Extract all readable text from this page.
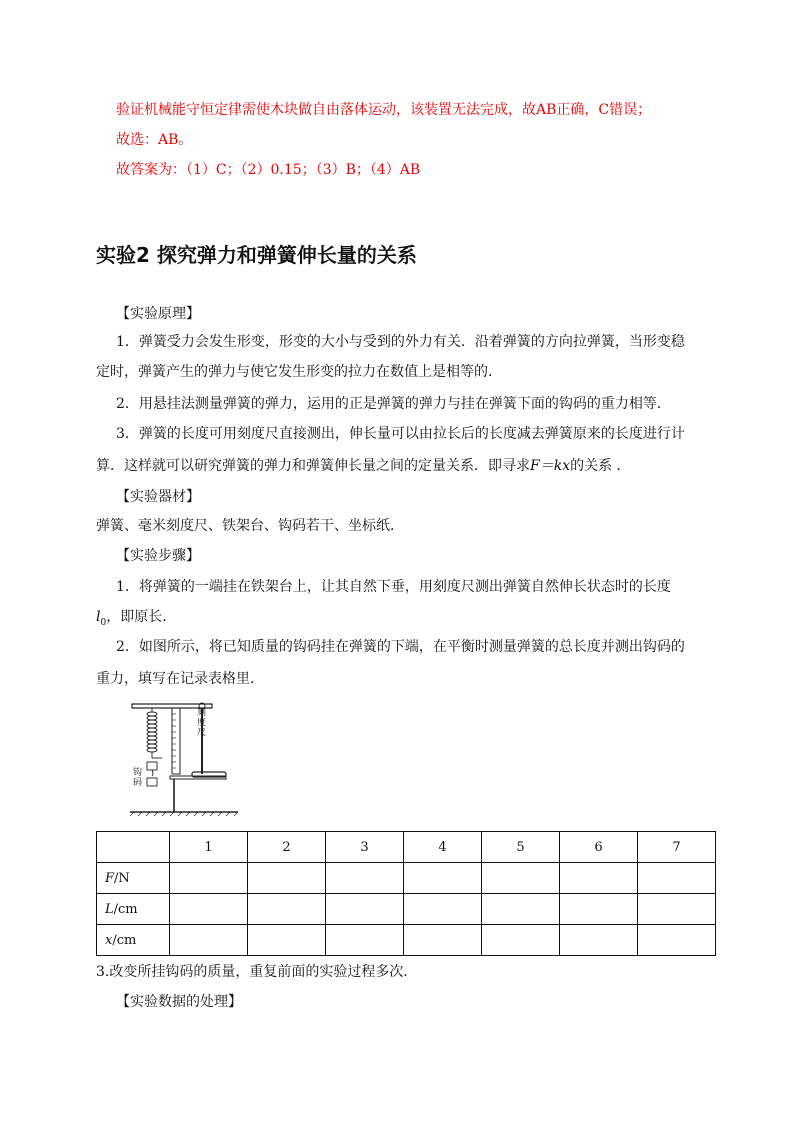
验证机械能守恒定律需使木块做自由落体运动，该装置无法完成，故AB正确，C错误；
故选：AB。
故答案为：（1）C；（2）0.15；（3）B；（4）AB
实验2 探究弹力和弹簧伸长量的关系
【实验原理】
1．弹簧受力会发生形变，形变的大小与受到的外力有关．沿着弹簧的方向拉弹簧，当形变稳
定时，弹簧产生的弹力与使它发生形变的拉力在数值上是相等的．
2．用悬挂法测量弹簧的弹力，运用的正是弹簧的弹力与挂在弹簧下面的钩码的重力相等．
3．弹簧的长度可用刻度尺直接测出，伸长量可以由拉长后的长度减去弹簧原来的长度进行计
算．这样就可以研究弹簧的弹力和弹簧伸长量之间的定量关系．即寻求F＝kx的关系 ．
【实验器材】
弹簧、毫米刻度尺、铁架台、钩码若干、坐标纸．
【实验步骤】
1．将弹簧的一端挂在铁架台上，让其自然下垂，用刻度尺测出弹簧自然伸长状态时的长度
$l_0$，即原长．
2．如图所示，将已知质量的钩码挂在弹簧的下端，在平衡时测量弹簧的总长度并测出钩码的
重力，填写在记录表格里．
刻度尺
钩码
	1	2	3	4	5	6	7
F/N							
L/cm							
x/cm							
3.改变所挂钩码的质量，重复前面的实验过程多次．
【实验数据的处理】
